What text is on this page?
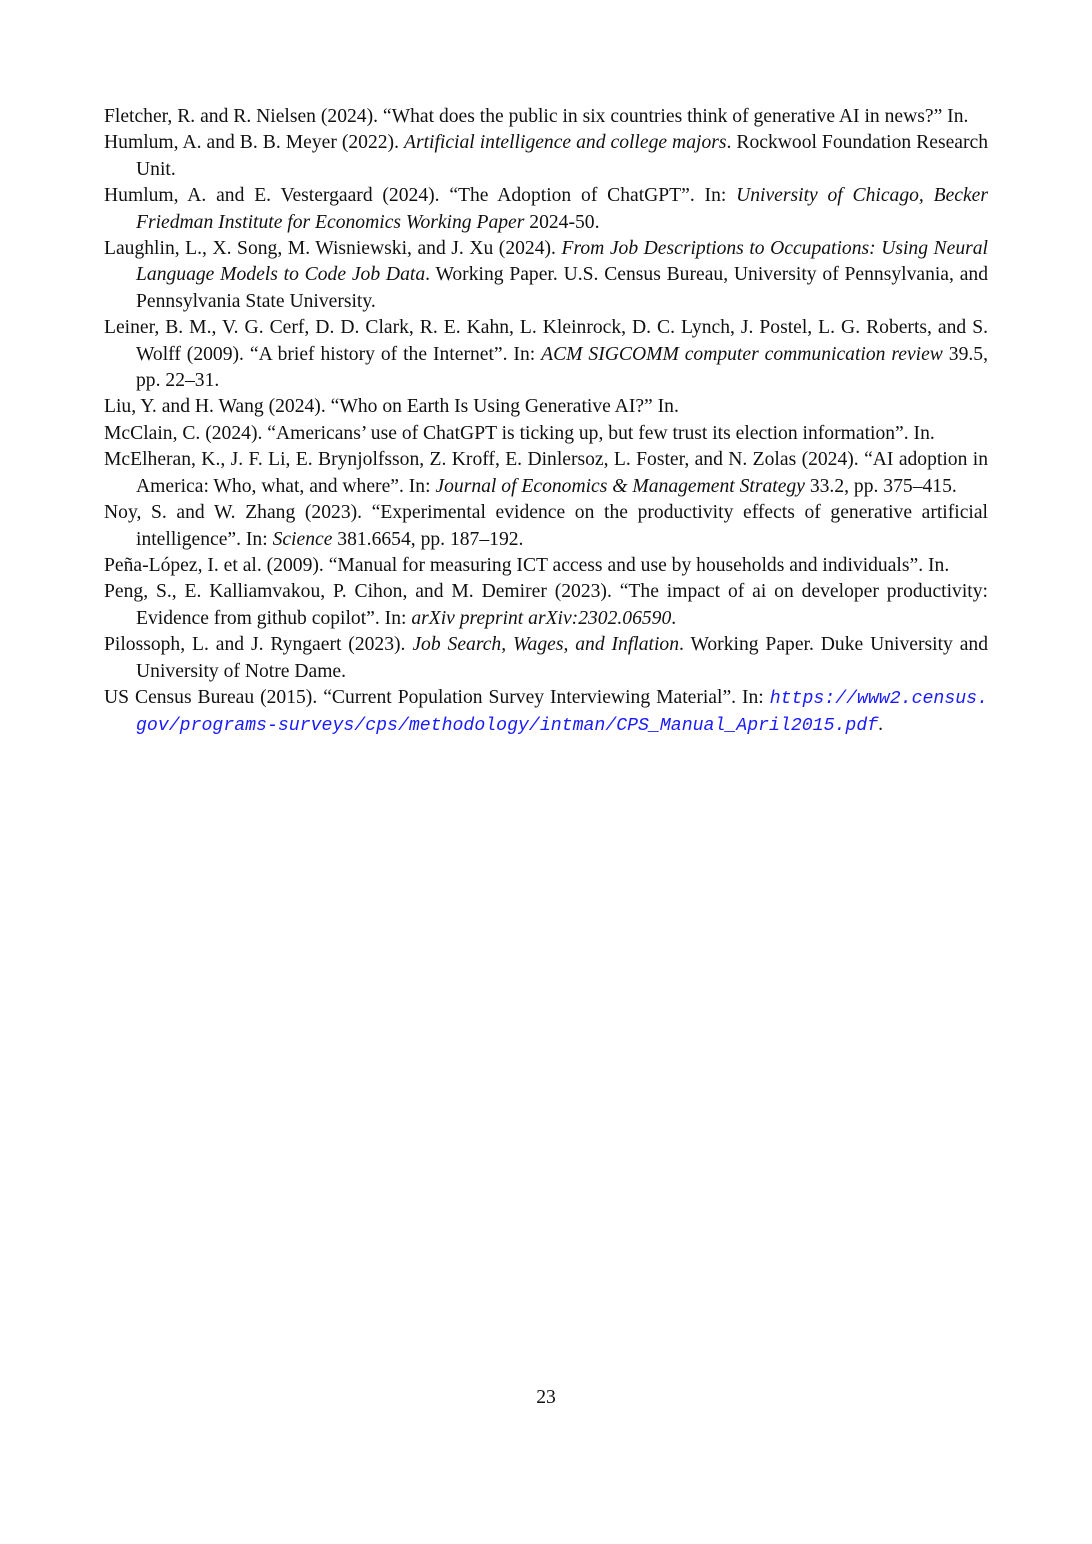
Fletcher, R. and R. Nielsen (2024). “What does the public in six countries think of generative AI in news?” In.

Humlum, A. and B. B. Meyer (2022). Artificial intelligence and college majors. Rockwool Foundation Research Unit.

Humlum, A. and E. Vestergaard (2024). “The Adoption of ChatGPT”. In: University of Chicago, Becker Friedman Institute for Economics Working Paper 2024-50.

Laughlin, L., X. Song, M. Wisniewski, and J. Xu (2024). From Job Descriptions to Occupations: Using Neural Language Models to Code Job Data. Working Paper. U.S. Census Bureau, University of Pennsylvania, and Pennsylvania State University.

Leiner, B. M., V. G. Cerf, D. D. Clark, R. E. Kahn, L. Kleinrock, D. C. Lynch, J. Postel, L. G. Roberts, and S. Wolff (2009). “A brief history of the Internet”. In: ACM SIGCOMM computer communication review 39.5, pp. 22–31.

Liu, Y. and H. Wang (2024). “Who on Earth Is Using Generative AI?” In.

McClain, C. (2024). “Americans’ use of ChatGPT is ticking up, but few trust its election information”. In.

McElheran, K., J. F. Li, E. Brynjolfsson, Z. Kroff, E. Dinlersoz, L. Foster, and N. Zolas (2024). “AI adoption in America: Who, what, and where”. In: Journal of Economics & Management Strategy 33.2, pp. 375–415.

Noy, S. and W. Zhang (2023). “Experimental evidence on the productivity effects of generative artificial intelligence”. In: Science 381.6654, pp. 187–192.

Peña-López, I. et al. (2009). “Manual for measuring ICT access and use by households and individuals”. In.

Peng, S., E. Kalliamvakou, P. Cihon, and M. Demirer (2023). “The impact of ai on developer productivity: Evidence from github copilot”. In: arXiv preprint arXiv:2302.06590.

Pilossoph, L. and J. Ryngaert (2023). Job Search, Wages, and Inflation. Working Paper. Duke University and University of Notre Dame.

US Census Bureau (2015). “Current Population Survey Interviewing Material”. In: https://www2.census.gov/programs-surveys/cps/methodology/intman/CPS_Manual_April2015.pdf.

23
